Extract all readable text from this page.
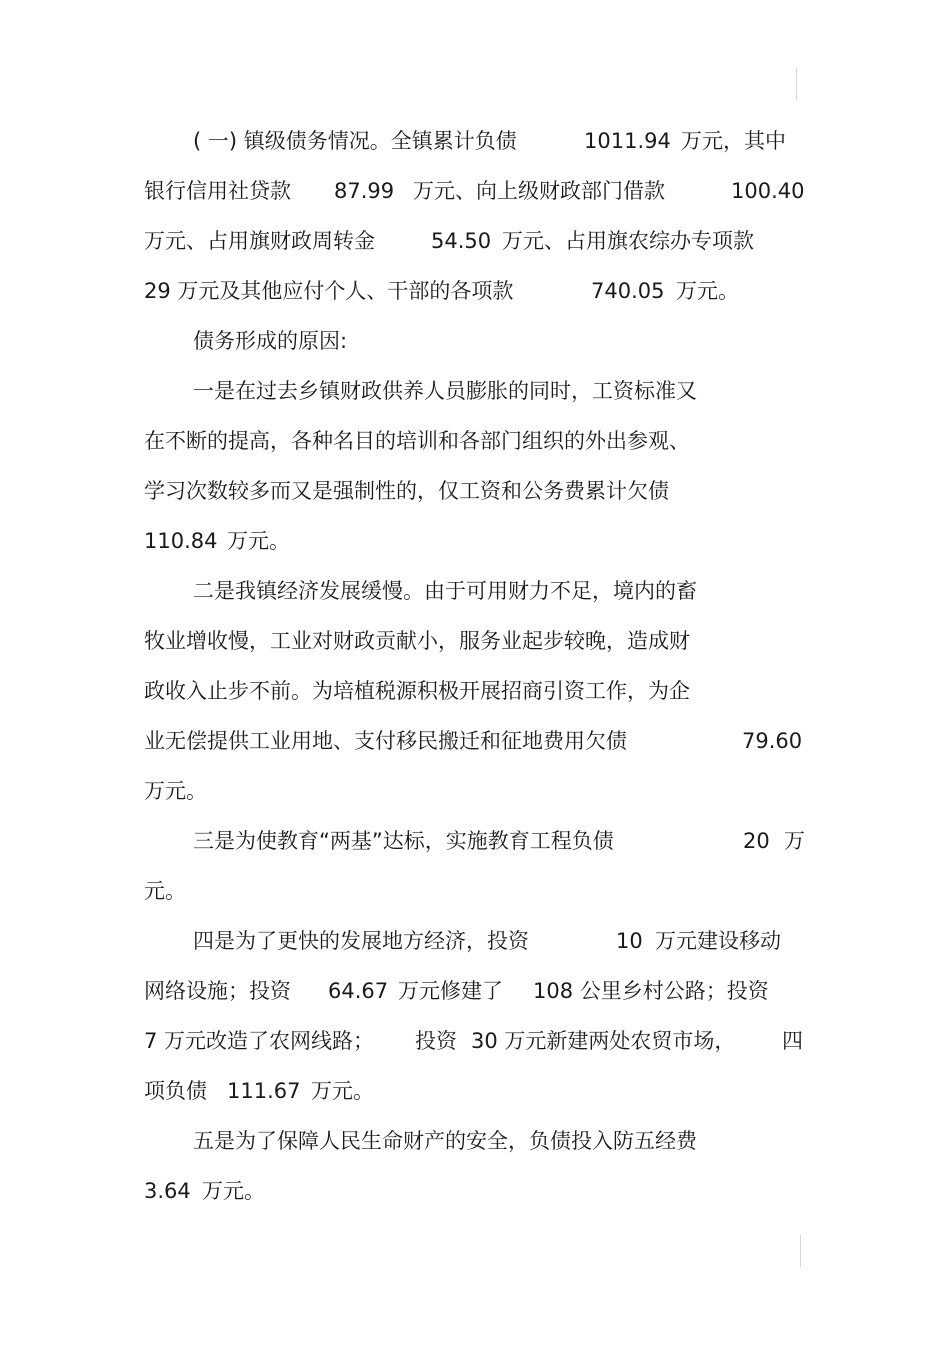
( 一) 镇级债务情况。全镇累计负债	1011.94 万元，其中
银行信用社贷款 87.99 万元、向上级财政部门借款	100.40
万元、占用旗财政周转金	54.50 万元、占用旗农综办专项款
29 万元及其他应付个人、干部的各项款	740.05 万元。
债务形成的原因:
一是在过去乡镇财政供养人员膨胀的同时，工资标准又
在不断的提高，各种名目的培训和各部门组织的外出参观、
学习次数较多而又是强制性的，仅工资和公务费累计欠债
110.84 万元。
二是我镇经济发展缓慢。由于可用财力不足，境内的畜
牧业增收慢，工业对财政贡献小，服务业起步较晚，造成财
政收入止步不前。为培植税源积极开展招商引资工作，为企
业无偿提供工业用地、支付移民搬迁和征地费用欠债	79.60
万元。
三是为使教育“两基”达标，实施教育工程负债	20 万
元。
四是为了更快的发展地方经济，投资	10 万元建设移动
网络设施；投资 64.67 万元修建了 108 公里乡村公路；投资
7 万元改造了农网线路； 投资 30 万元新建两处农贸市场， 四
项负债 111.67 万元。
五是为了保障人民生命财产的安全，负债投入防五经费
3.64 万元。
